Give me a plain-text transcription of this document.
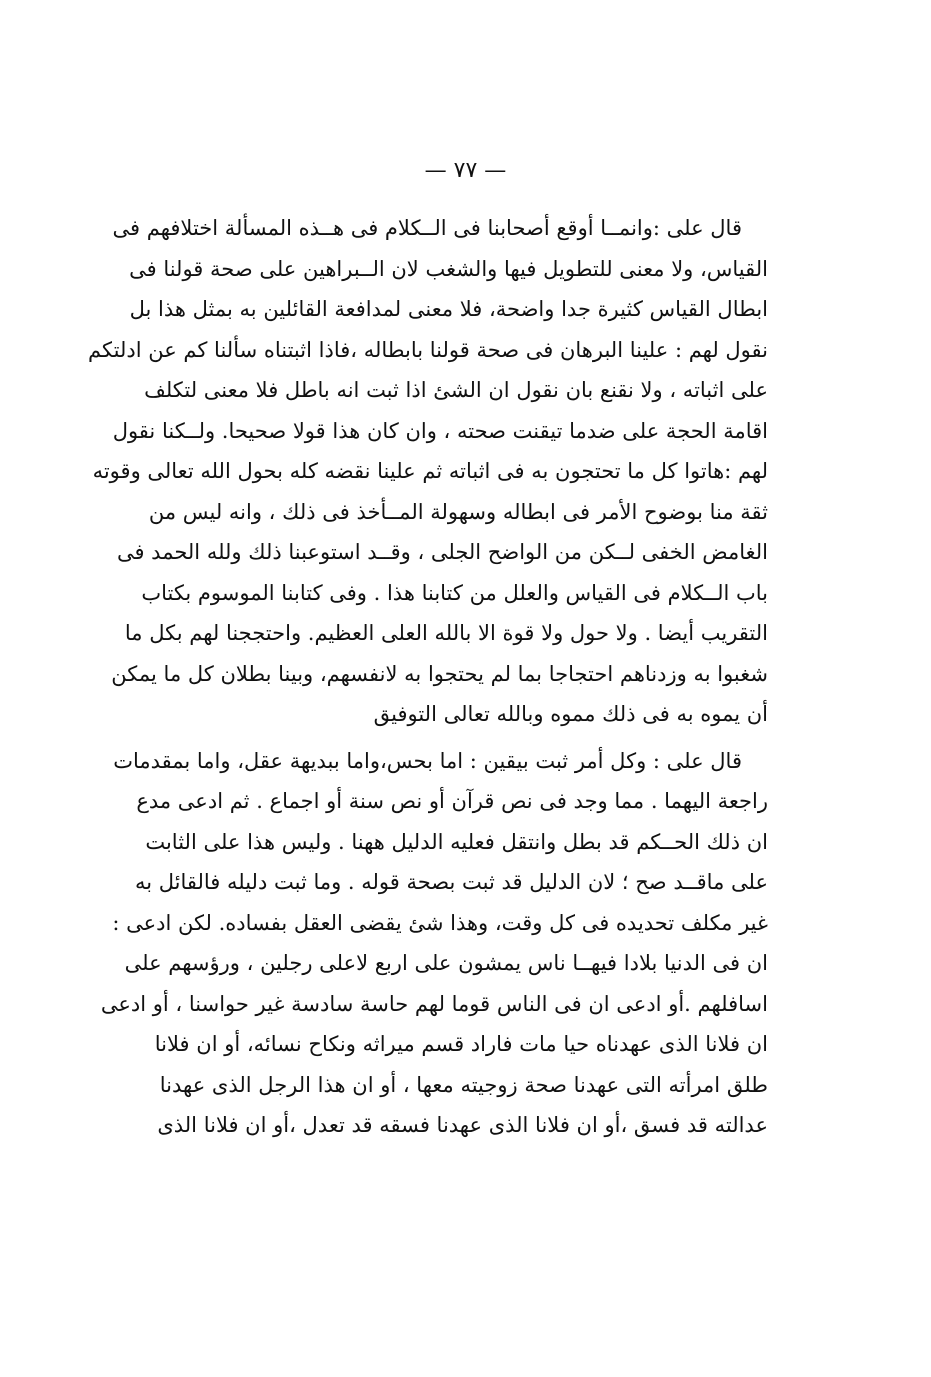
— ٧٧ —
قال على :وانمــا أوقع أصحابنا فى الــكلام فى هــذه المسألة اختلافهم فى
القياس، ولا معنى للتطويل فيها والشغب لان الــبراهين على صحة قولنا فى
ابطال القياس كثيرة جدا واضحة، فلا معنى لمدافعة القائلين به بمثل هذا بل
نقول لهم : علينا البرهان فى صحة قولنا بابطاله ،فاذا اثبتناه سألنا كم عن ادلتكم
على اثباته ، ولا نقنع بان نقول ان الشئ اذا ثبت انه باطل فلا معنى لتكلف
اقامة الحجة على ضدما تيقنت صحته ، وان كان هذا قولا صحيحا. ولــكنا نقول
لهم :هاتوا كل ما تحتجون به فى اثباته ثم علينا نقضه كله بحول الله تعالى وقوته
ثقة منا بوضوح الأمر فى ابطاله وسهولة المــأخذ فى ذلك ، وانه ليس من
الغامض الخفى لــكن من الواضح الجلى ، وقــد استوعبنا ذلك ولله الحمد فى
باب الــكلام فى القياس والعلل من كتابنا هذا . وفى كتابنا الموسوم بكتاب
التقريب أيضا . ولا حول ولا قوة الا بالله العلى العظيم. واحتججنا لهم بكل ما
شغبوا به وزدناهم احتجاجا بما لم يحتجوا به لانفسهم، وبينا بطلان كل ما يمكن
أن يموه به فى ذلك مموه وبالله تعالى التوفيق
قال على : وكل أمر ثبت بيقين : اما بحس،واما ببديهة عقل، واما بمقدمات
راجعة اليهما . مما وجد فى نص قرآن أو نص سنة أو اجماع . ثم ادعى مدع
ان ذلك الحــكم قد بطل وانتقل فعليه الدليل ههنا . وليس هذا على الثابت
على ماقــد صح ؛ لان الدليل قد ثبت بصحة قوله . وما ثبت دليله فالقائل به
غير مكلف تحديده فى كل وقت، وهذا شئ يقضى العقل بفساده. لكن ادعى :
ان فى الدنيا بلادا فيهــا ناس يمشون على اربع لاعلى رجلين ، ورؤسهم على
اسافلهم .أو ادعى ان فى الناس قوما لهم حاسة سادسة غير حواسنا ، أو ادعى
ان فلانا الذى عهدناه حيا مات فاراد قسم ميراثه ونكاح نسائه، أو ان فلانا
طلق امرأته التى عهدنا صحة زوجيته معها ، أو ان هذا الرجل الذى عهدنا
عدالته قد فسق ،أو ان فلانا الذى عهدنا فسقه قد تعدل ،أو ان فلانا الذى
